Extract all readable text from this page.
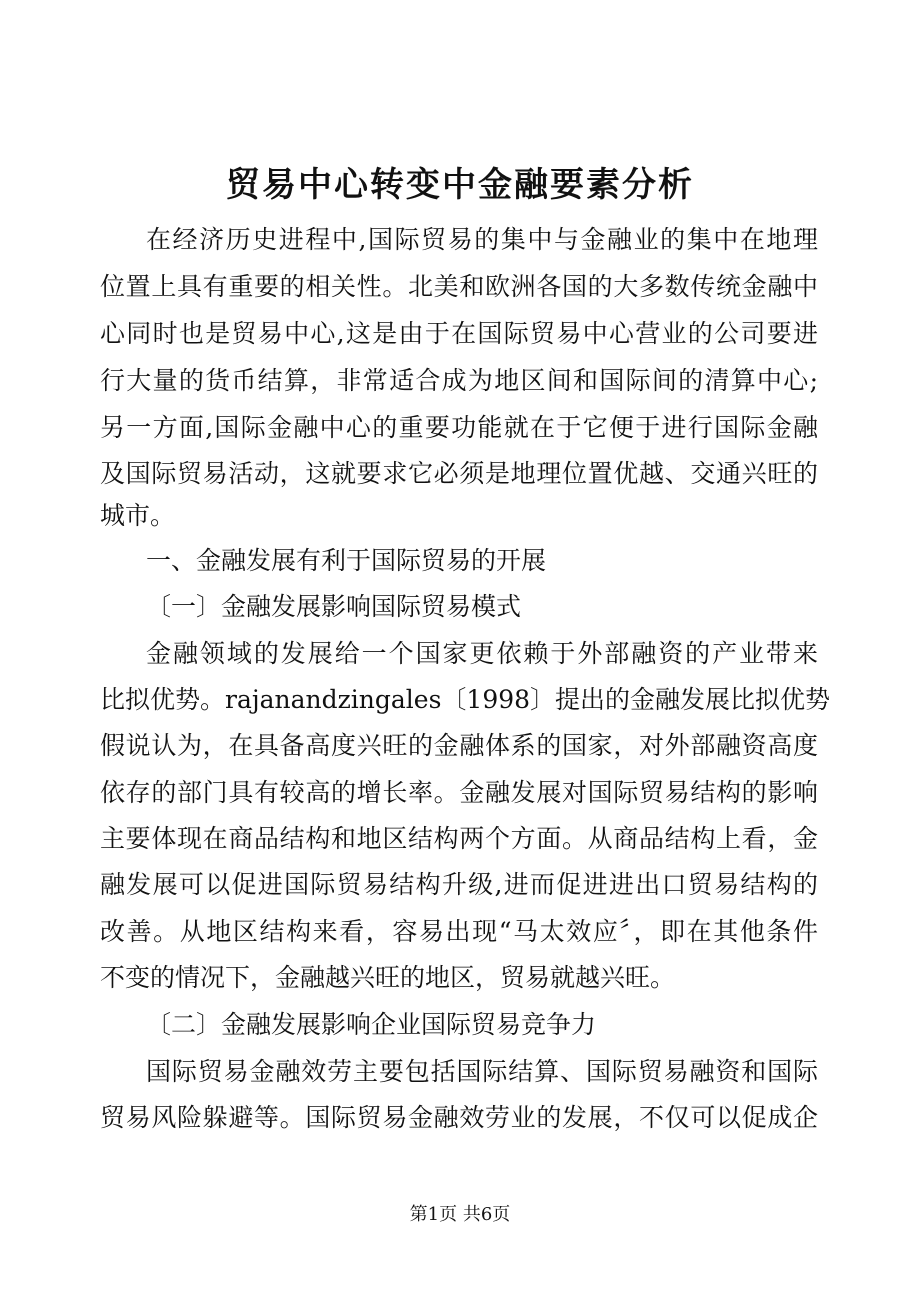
贸易中心转变中金融要素分析
在经济历史进程中,国际贸易的集中与金融业的集中在地理
位置上具有重要的相关性。北美和欧洲各国的大多数传统金融中
心同时也是贸易中心,这是由于在国际贸易中心营业的公司要进
行大量的货币结算，非常适合成为地区间和国际间的清算中心;
另一方面,国际金融中心的重要功能就在于它便于进行国际金融
及国际贸易活动，这就要求它必须是地理位置优越、交通兴旺的
城市。
一、金融发展有利于国际贸易的开展
〔一〕金融发展影响国际贸易模式
金融领域的发展给一个国家更依赖于外部融资的产业带来
比拟优势。rajanandzingales〔1998〕提出的金融发展比拟优势
假说认为，在具备高度兴旺的金融体系的国家，对外部融资高度
依存的部门具有较高的增长率。金融发展对国际贸易结构的影响
主要体现在商品结构和地区结构两个方面。从商品结构上看，金
融发展可以促进国际贸易结构升级,进而促进进出口贸易结构的
改善。从地区结构来看，容易出现“马太效应〞，即在其他条件
不变的情况下，金融越兴旺的地区，贸易就越兴旺。
〔二〕金融发展影响企业国际贸易竞争力
国际贸易金融效劳主要包括国际结算、国际贸易融资和国际
贸易风险躲避等。国际贸易金融效劳业的发展，不仅可以促成企
第1页 共6页
